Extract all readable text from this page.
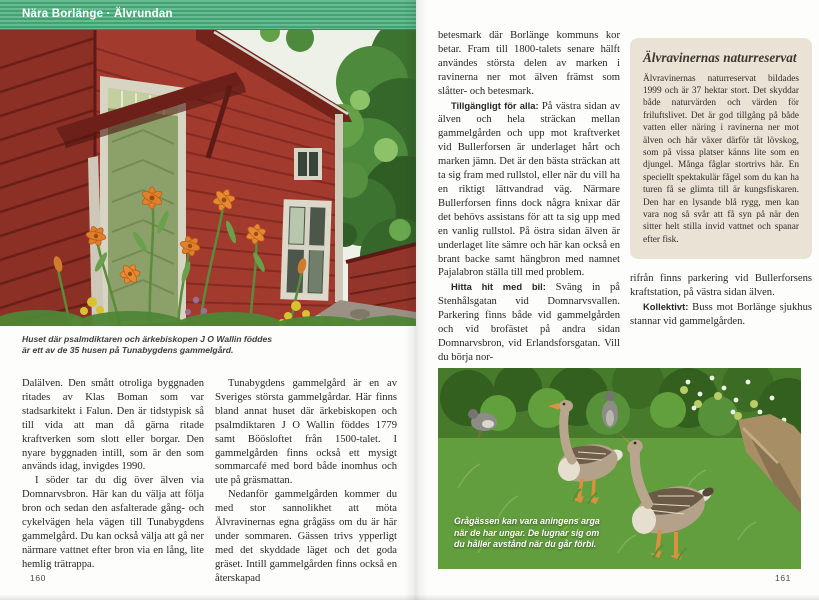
Nära Borlänge · Älvrundan
Huset där psalmdiktaren och ärkebiskopen J O Wallin föddes är ett av de 35 husen på Tunabygdens gammelgård.

Dalälven. Den smått otroliga byggnaden ritades av Klas Boman som var stadsarkitekt i Falun. Den är tidstypisk så till vida att man då gärna ritade kraftverken som slott eller borgar. Den nyare byggnaden intill, som är den som används idag, invigdes 1990.

I söder tar du dig över älven via Domnarvsbron. Här kan du välja att följa bron och sedan den asfalterade gång- och cykelvägen hela vägen till Tunabygdens gammelgård. Du kan också välja att gå ner närmare vattnet efter bron via en lång, lite hemlig trätrappa.

Tunabygdens gammelgård är en av Sveriges största gammelgårdar. Här finns bland annat huset där ärkebiskopen och psalmdiktaren J O Wallin föddes 1779 samt Böösloftet från 1500-talet. I gammelgården finns också ett mysigt sommarcafé med bord både inomhus och ute på gräsmattan.

Nedanför gammelgården kommer du med stor sannolikhet att möta Älvravinernas egna grågäss om du är här under sommaren. Gässen trivs ypperligt med det skyddade läget och det goda gräset. Intill gammelgården finns också en återskapad

160

betesmark där Borlänge kommuns kor betar. Fram till 1800-talets senare hälft användes största delen av marken i ravinerna ner mot älven främst som slåtter- och betesmark.

Tillgängligt för alla: På västra sidan av älven och hela sträckan mellan gammelgården och upp mot kraftverket vid Bullerforsen är underlaget hårt och marken jämn. Det är den bästa sträckan att ta sig fram med rullstol, eller när du vill ha en riktigt lättvandrad väg. Närmare Bullerforsen finns dock några knixar där det behövs assistans för att ta sig upp med en vanlig rullstol. På östra sidan älven är underlaget lite sämre och här kan också en brant backe samt hängbron med namnet Pajalabron ställa till med problem.

Hitta hit med bil: Sväng in på Stenhålsgatan vid Domnarvsvallen. Parkering finns både vid gammelgården och vid brofästet på andra sidan Domnarvsbron, vid Erlandsforsgatan. Vill du börja nor-

Älvravinernas naturreservat
Älvravinernas naturreservat bildades 1999 och är 37 hektar stort. Det skyddar både naturvärden och värden för friluftslivet. Det är god tillgång på både vatten eller näring i ravinerna ner mot älven och här växer därför tät lövskog, som på vissa platser känns lite som en djungel. Många fåglar stortrivs här. En speciellt spektakulär fågel som du kan ha turen få se glimta till är kungsfiskaren. Den har en lysande blå rygg, men kan vara nog så svår att få syn på när den sitter helt stilla invid vattnet och spanar efter fisk.

rifrån finns parkering vid Bullerforsens kraftstation, på västra sidan älven.

Kollektivt: Buss mot Borlänge sjukhus stannar vid gammelgården.

Grågässen kan vara aningens arga när de har ungar. De lugnar sig om du håller avstånd när du går förbi.
161
